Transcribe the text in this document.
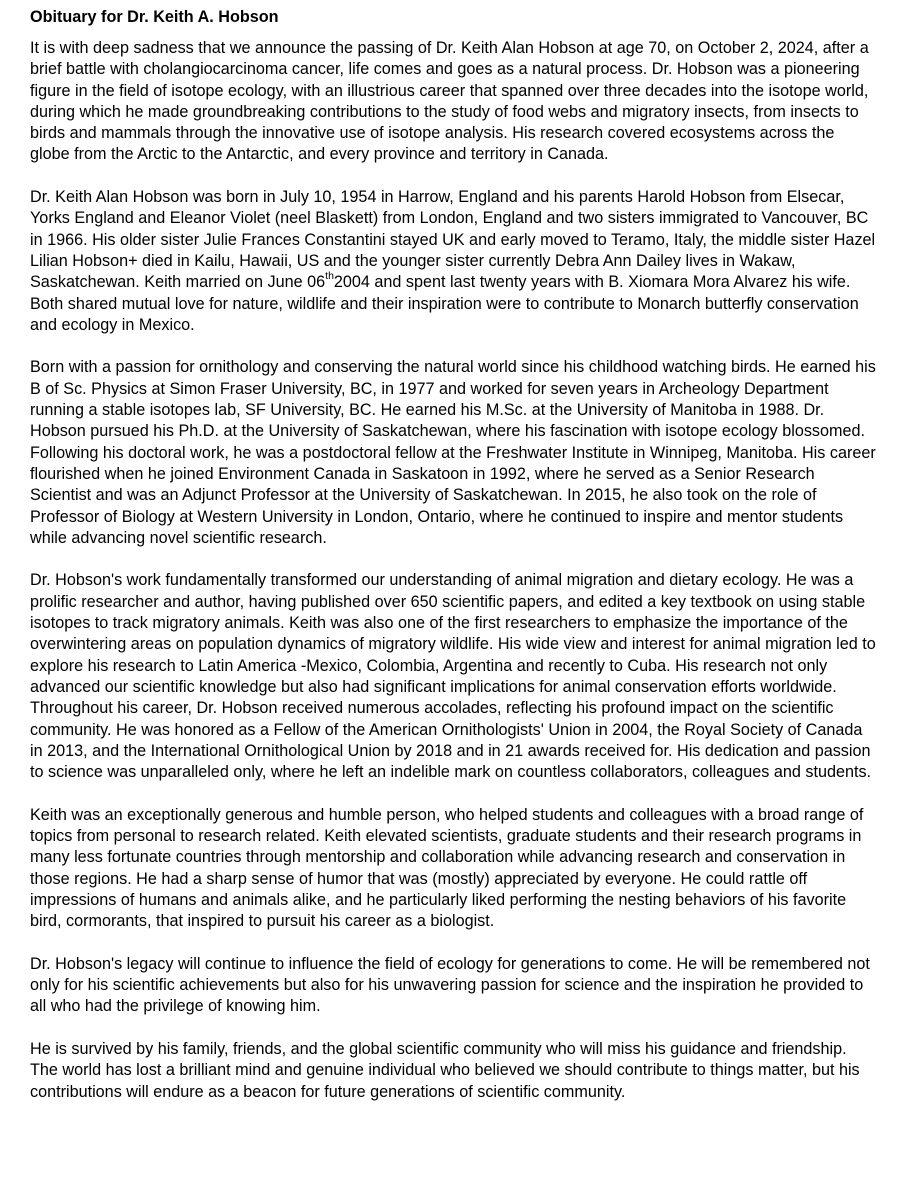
Obituary for Dr. Keith A. Hobson

It is with deep sadness that we announce the passing of Dr. Keith Alan Hobson at age 70, on October 2, 2024, after a brief battle with cholangiocarcinoma cancer, life comes and goes as a natural process. Dr. Hobson was a pioneering figure in the field of isotope ecology, with an illustrious career that spanned over three decades into the isotope world, during which he made groundbreaking contributions to the study of food webs and migratory insects, from insects to birds and mammals through the innovative use of isotope analysis. His research covered ecosystems across the globe from the Arctic to the Antarctic, and every province and territory in Canada.

Dr. Keith Alan Hobson was born in July 10, 1954 in Harrow, England and his parents Harold Hobson from Elsecar, Yorks England and Eleanor Violet (neel Blaskett) from London, England and two sisters immigrated to Vancouver, BC in 1966. His older sister Julie Frances Constantini stayed UK and early moved to Teramo, Italy, the middle sister Hazel Lilian Hobson+ died in Kailu, Hawaii, US and the younger sister currently Debra Ann Dailey lives in Wakaw, Saskatchewan. Keith married on June 06th2004 and spent last twenty years with B. Xiomara Mora Alvarez his wife. Both shared mutual love for nature, wildlife and their inspiration were to contribute to Monarch butterfly conservation and ecology in Mexico.

Born with a passion for ornithology and conserving the natural world since his childhood watching birds. He earned his B of Sc. Physics at Simon Fraser University, BC, in 1977 and worked for seven years in Archeology Department running a stable isotopes lab, SF University, BC. He earned his M.Sc. at the University of Manitoba in 1988. Dr. Hobson pursued his Ph.D. at the University of Saskatchewan, where his fascination with isotope ecology blossomed. Following his doctoral work, he was a postdoctoral fellow at the Freshwater Institute in Winnipeg, Manitoba. His career flourished when he joined Environment Canada in Saskatoon in 1992, where he served as a Senior Research Scientist and was an Adjunct Professor at the University of Saskatchewan. In 2015, he also took on the role of Professor of Biology at Western University in London, Ontario, where he continued to inspire and mentor students while advancing novel scientific research.

Dr. Hobson's work fundamentally transformed our understanding of animal migration and dietary ecology. He was a prolific researcher and author, having published over 650 scientific papers, and edited a key textbook on using stable isotopes to track migratory animals. Keith was also one of the first researchers to emphasize the importance of the overwintering areas on population dynamics of migratory wildlife. His wide view and interest for animal migration led to explore his research to Latin America -Mexico, Colombia, Argentina and recently to Cuba. His research not only advanced our scientific knowledge but also had significant implications for animal conservation efforts worldwide.

Throughout his career, Dr. Hobson received numerous accolades, reflecting his profound impact on the scientific community. He was honored as a Fellow of the American Ornithologists' Union in 2004, the Royal Society of Canada in 2013, and the International Ornithological Union by 2018 and in 21 awards received for. His dedication and passion to science was unparalleled only, where he left an indelible mark on countless collaborators, colleagues and students.

Keith was an exceptionally generous and humble person, who helped students and colleagues with a broad range of topics from personal to research related. Keith elevated scientists, graduate students and their research programs in many less fortunate countries through mentorship and collaboration while advancing research and conservation in those regions. He had a sharp sense of humor that was (mostly) appreciated by everyone. He could rattle off impressions of humans and animals alike, and he particularly liked performing the nesting behaviors of his favorite bird, cormorants, that inspired to pursuit his career as a biologist.

Dr. Hobson's legacy will continue to influence the field of ecology for generations to come. He will be remembered not only for his scientific achievements but also for his unwavering passion for science and the inspiration he provided to all who had the privilege of knowing him.

He is survived by his family, friends, and the global scientific community who will miss his guidance and friendship. The world has lost a brilliant mind and genuine individual who believed we should contribute to things matter, but his contributions will endure as a beacon for future generations of scientific community.
